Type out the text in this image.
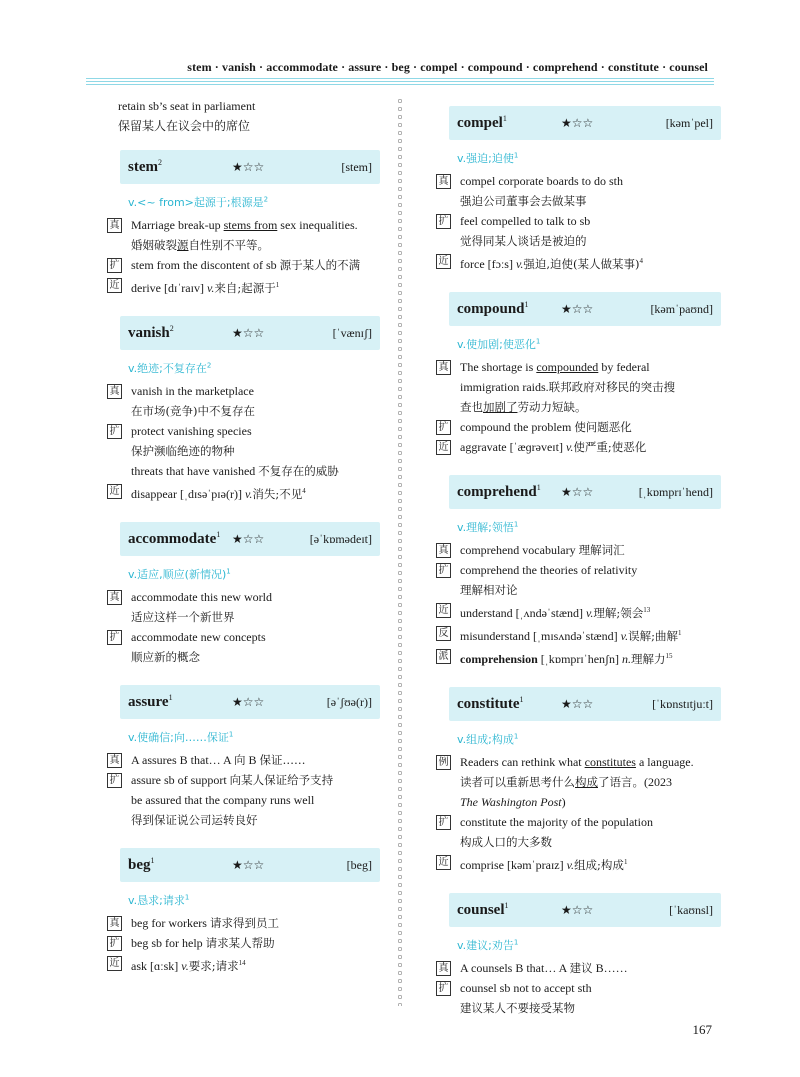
stem · vanish · accommodate · assure · beg · compel · compound · comprehend · constitute · counsel
retain sb’s seat in parliament
保留某人在议会中的席位
stem$^2$	★☆☆	[stem]
v.<~ from>起源于;根源是$^2$
真 Marriage break-up stems from sex inequalities.
婚姻破裂源自性别不平等。
扩 stem from the discontent of sb 源于某人的不满
近 derive [dɪˈraɪv] v.来自;起源于$^1$
vanish$^2$	★☆☆	[ˈvænɪʃ]
v.绝迹;不复存在$^2$
真 vanish in the marketplace
在市场(竞争)中不复存在
扩 protect vanishing species
保护濒临绝迹的物种
threats that have vanished 不复存在的威胁
近 disappear [ˌdɪsəˈpɪə(r)] v.消失;不见$^4$
accommodate$^1$ ★☆☆	[əˈkɒmədeɪt]
v.适应,顺应(新情况)$^1$
真 accommodate this new world
适应这样一个新世界
扩 accommodate new concepts
顺应新的概念
assure$^1$	★☆☆	[əˈʃʊə(r)]
v.使确信;向……保证$^1$
真 A assures B that… A 向 B 保证……
扩 assure sb of support 向某人保证给予支持
be assured that the company runs well
得到保证说公司运转良好
beg$^1$	★☆☆	[beg]
v.恳求;请求$^1$
真 beg for workers 请求得到员工
扩 beg sb for help 请求某人帮助
近 ask [ɑːsk] v.要求;请求$^{14}$
compel$^1$	★☆☆	[kəmˈpel]
v.强迫;迫使$^1$
真 compel corporate boards to do sth
强迫公司董事会去做某事
扩 feel compelled to talk to sb
觉得同某人谈话是被迫的
近 force [fɔːs] v.强迫,迫使(某人做某事)$^4$
compound$^1$	★☆☆	[kəmˈpaʊnd]
v.使加剧;使恶化$^1$
真 The shortage is compounded by federal
immigration raids.联邦政府对移民的突击搜
查也加剧了劳动力短缺。
扩 compound the problem 使问题恶化
近 aggravate [ˈæɡrəveɪt] v.使严重;使恶化
comprehend$^1$ ★☆☆	[ˌkɒmprɪˈhend]
v.理解;领悟$^1$
真 comprehend vocabulary 理解词汇
扩 comprehend the theories of relativity
理解相对论
近 understand [ˌʌndəˈstænd] v.理解;领会$^{13}$
反 misunderstand [ˌmɪsʌndəˈstænd] v.误解;曲解$^1$
派 comprehension [ˌkɒmprɪˈhenʃn] n.理解力$^{15}$
constitute$^1$	★☆☆	[ˈkɒnstɪtjuːt]
v.组成;构成$^1$
例 Readers can rethink what constitutes a language.
读者可以重新思考什么构成了语言。(2023
The Washington Post)
扩 constitute the majority of the population
构成人口的大多数
近 comprise [kəmˈpraɪz] v.组成;构成$^1$
counsel$^1$	★☆☆	[ˈkaʊnsl]
v.建议;劝告$^1$
真 A counsels B that… A 建议 B……
扩 counsel sb not to accept sth
建议某人不要接受某物
167
